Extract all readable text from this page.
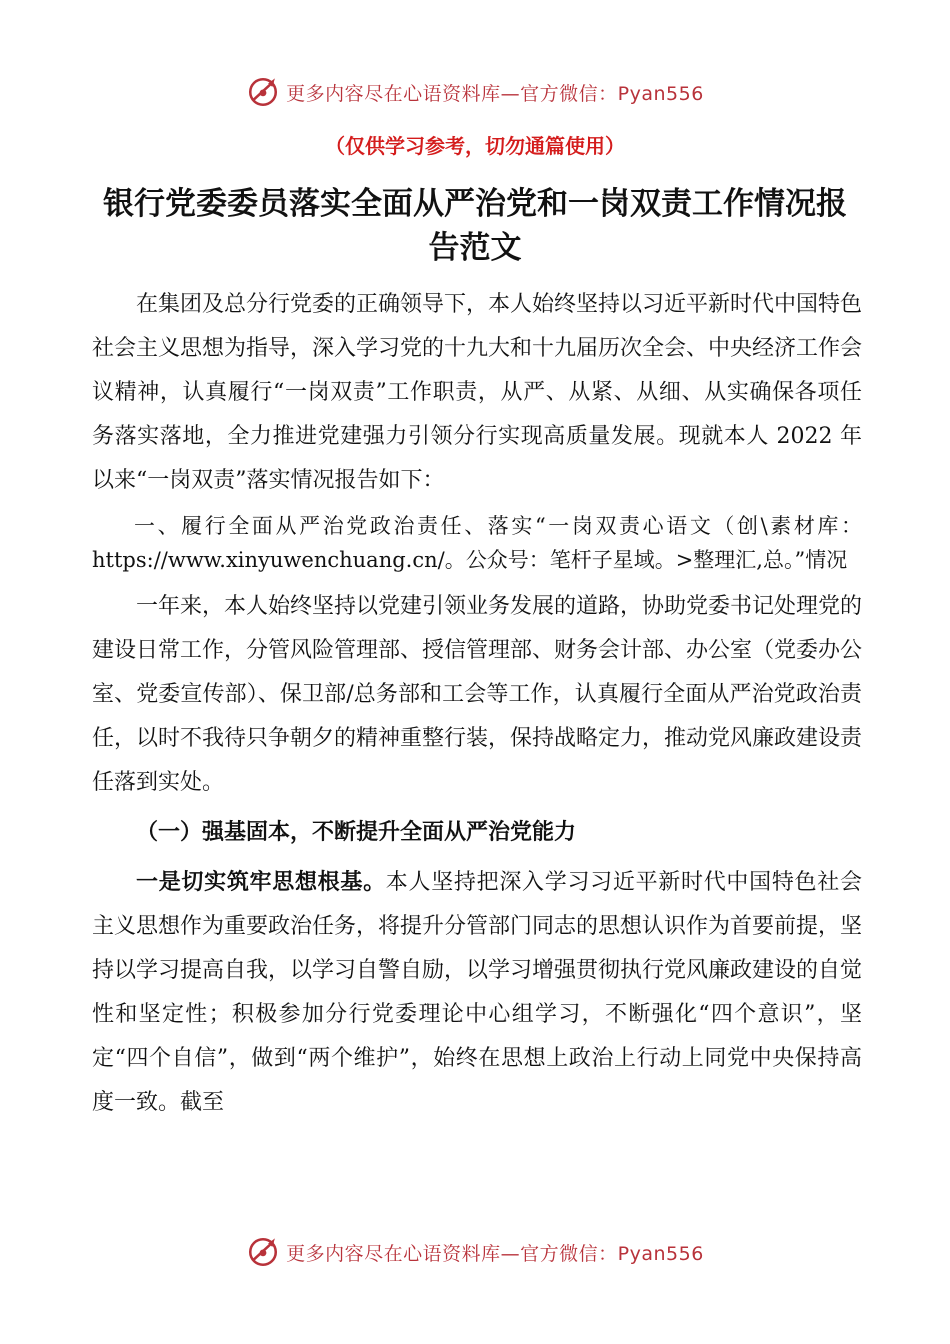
更多内容尽在心语资料库—官方微信：Pyan556
（仅供学习参考，切勿通篇使用）
银行党委委员落实全面从严治党和一岗双责工作情况报告范文

在集团及总分行党委的正确领导下，本人始终坚持以习近平新时代中国特色社会主义思想为指导，深入学习党的十九大和十九届历次全会、中央经济工作会议精神，认真履行“一岗双责”工作职责，从严、从紧、从细、从实确保各项任务落实落地，全力推进党建强力引领分行实现高质量发展。现就本人 2022 年以来“一岗双责”落实情况报告如下：

一、履行全面从严治党政治责任、落实“一岗双责心语文（创\素材库：https://www.xinyuwenchuang.cn/。公众号：笔杆子星域。>整理汇,总。”情况

一年来，本人始终坚持以党建引领业务发展的道路，协助党委书记处理党的建设日常工作，分管风险管理部、授信管理部、财务会计部、办公室（党委办公室、党委宣传部）、保卫部/总务部和工会等工作，认真履行全面从严治党政治责任，以时不我待只争朝夕的精神重整行装，保持战略定力，推动党风廉政建设责任落到实处。

（一）强基固本，不断提升全面从严治党能力

一是切实筑牢思想根基。本人坚持把深入学习习近平新时代中国特色社会主义思想作为重要政治任务，将提升分管部门同志的思想认识作为首要前提，坚持以学习提高自我，以学习自警自励，以学习增强贯彻执行党风廉政建设的自觉性和坚定性；积极参加分行党委理论中心组学习，不断强化“四个意识”，坚定“四个自信”，做到“两个维护”，始终在思想上政治上行动上同党中央保持高度一致。截至

更多内容尽在心语资料库—官方微信：Pyan556
